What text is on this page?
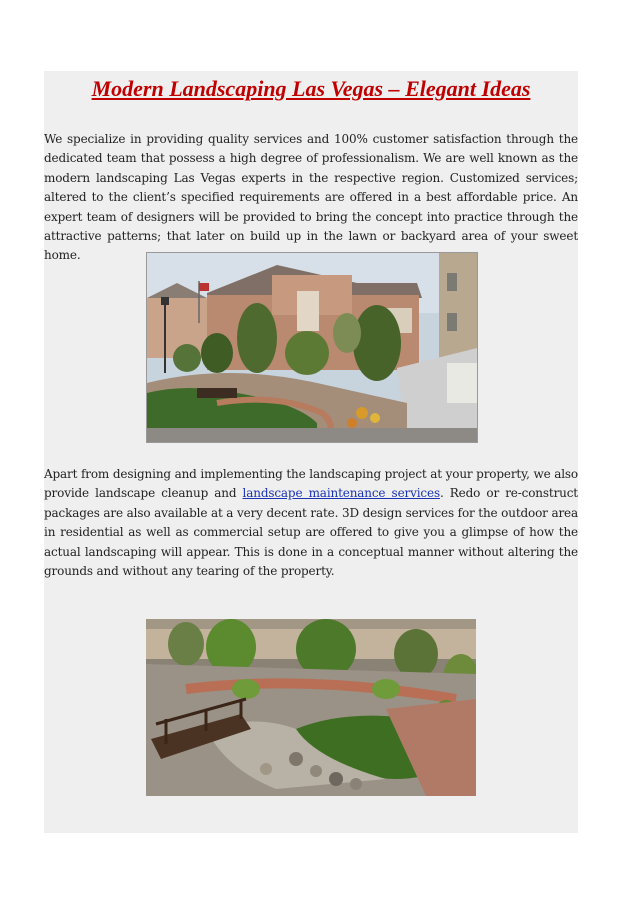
Modern Landscaping Las Vegas – Elegant Ideas

We specialize in providing quality services and 100% customer satisfaction through the dedicated team that possess a high degree of professionalism. We are well known as the modern landscaping Las Vegas experts in the respective region. Customized services; altered to the client’s specified requirements are offered in a best affordable price. An expert team of designers will be provided to bring the concept into practice through the attractive patterns; that later on build up in the lawn or backyard area of your sweet home.

Apart from designing and implementing the landscaping project at your property, we also provide landscape cleanup and landscape maintenance services. Redo or re-construct packages are also available at a very decent rate. 3D design services for the outdoor area in residential as well as commercial setup are offered to give you a glimpse of how the actual landscaping will appear. This is done in a conceptual manner without altering the grounds and without any tearing of the property.
